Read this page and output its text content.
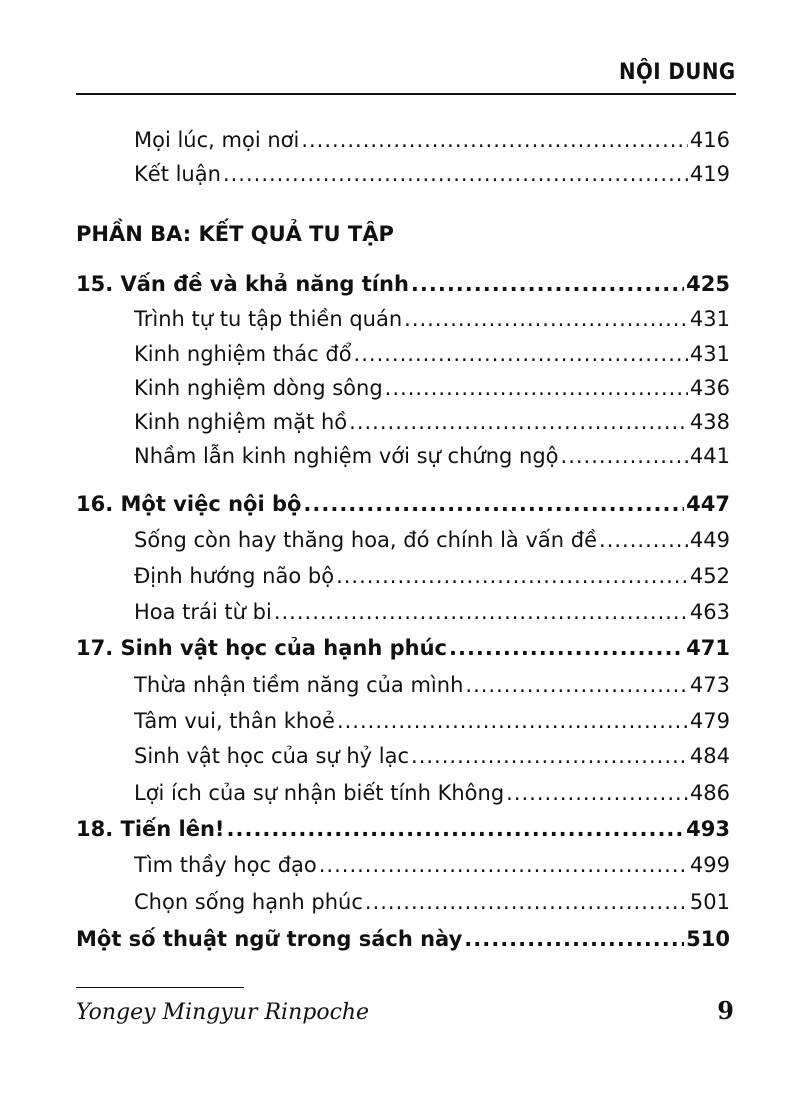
NỘI DUNG
Mọi lúc, mọi nơi .....	416
Kết luận .....	419
PHẦN BA: KẾT QUẢ TU TẬP
15. Vấn đề và khả năng tính .....	425
Trình tự tu tập thiền quán .....	431
Kinh nghiệm thác đổ .....	431
Kinh nghiệm dòng sông .....	436
Kinh nghiệm mặt hồ .....	438
Nhầm lẫn kinh nghiệm với sự chứng ngộ .....	441
16. Một việc nội bộ .....	447
Sống còn hay thăng hoa, đó chính là vấn đề .....	449
Định hướng não bộ .....	452
Hoa trái từ bi .....	463
17. Sinh vật học của hạnh phúc .....	471
Thừa nhận tiềm năng của mình .....	473
Tâm vui, thân khoẻ .....	479
Sinh vật học của sự hỷ lạc .....	484
Lợi ích của sự nhận biết tính Không .....	486
18. Tiến lên! .....	493
Tìm thầy học đạo .....	499
Chọn sống hạnh phúc .....	501
Một số thuật ngữ trong sách này .....	510
Yongey Mingyur Rinpoche	9
